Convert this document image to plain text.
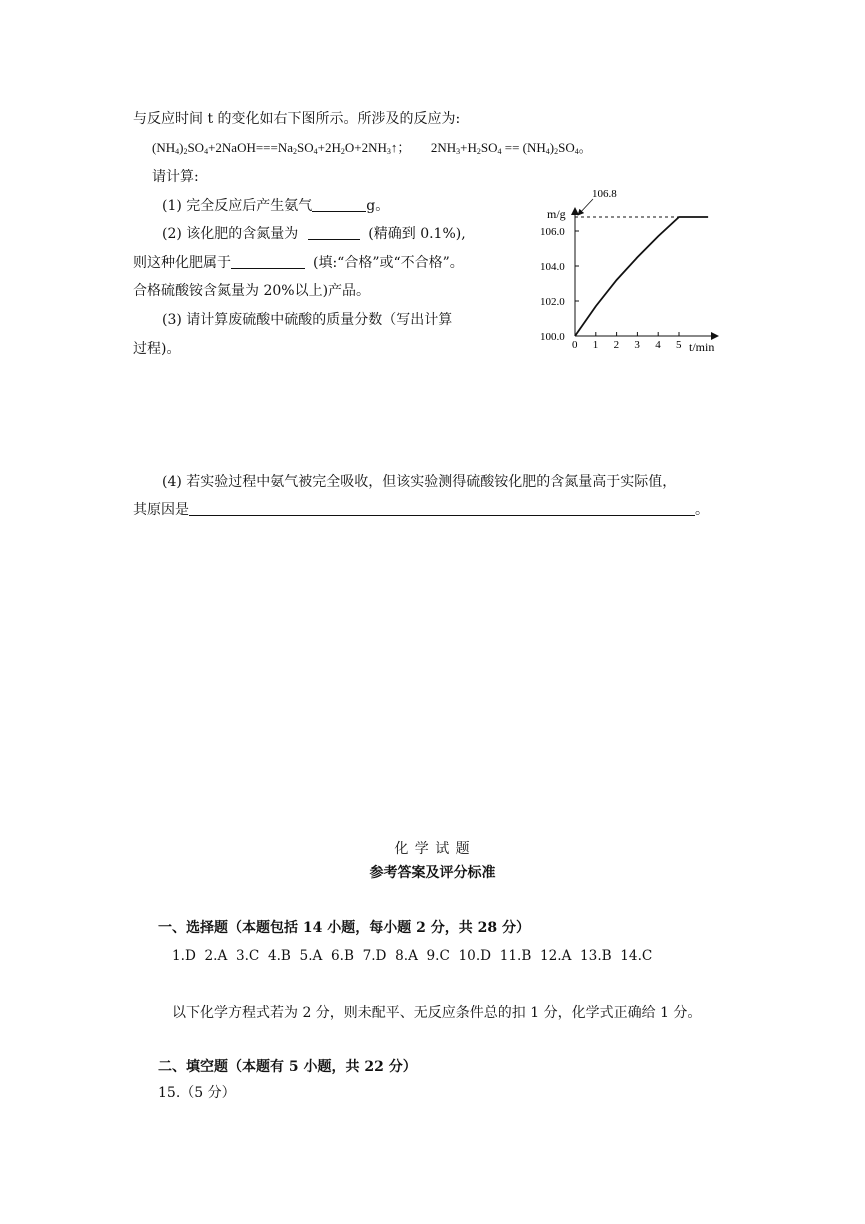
与反应时间 t 的变化如右下图所示。所涉及的反应为:
$(NH_4)_2SO_4+2NaOH===Na_2SO_4+2H_2O+2NH_3↑$； $2NH_3+H_2SO_4 == (NH_4)_2SO_4$。
请计算:
(1) 完全反应后产生氨气	g。
(2) 该化肥的含氮量为	(精确到 0.1%),
则这种化肥属于	(填:“合格”或“不合格”。
合格硫酸铵含氮量为 20%以上)产品。
(3) 请计算废硫酸中硫酸的质量分数（写出计算
过程)。
(4) 若实验过程中氨气被完全吸收，但该实验测得硫酸铵化肥的含氮量高于实际值，
其原因是	。
m/g
t/min
0 1 2 3 4 5
100.0
102.0
104.0
106.0
106.8
化 学 试 题
参考答案及评分标准
一、选择题（本题包括 14 小题，每小题 2 分，共 28 分）
1.D  2.A  3.C  4.B  5.A  6.B  7.D  8.A  9.C  10.D  11.B  12.A  13.B  14.C
以下化学方程式若为 2 分，则未配平、无反应条件总的扣 1 分，化学式正确给 1 分。
二、填空题（本题有 5 小题，共 22 分）
15.（5 分）
